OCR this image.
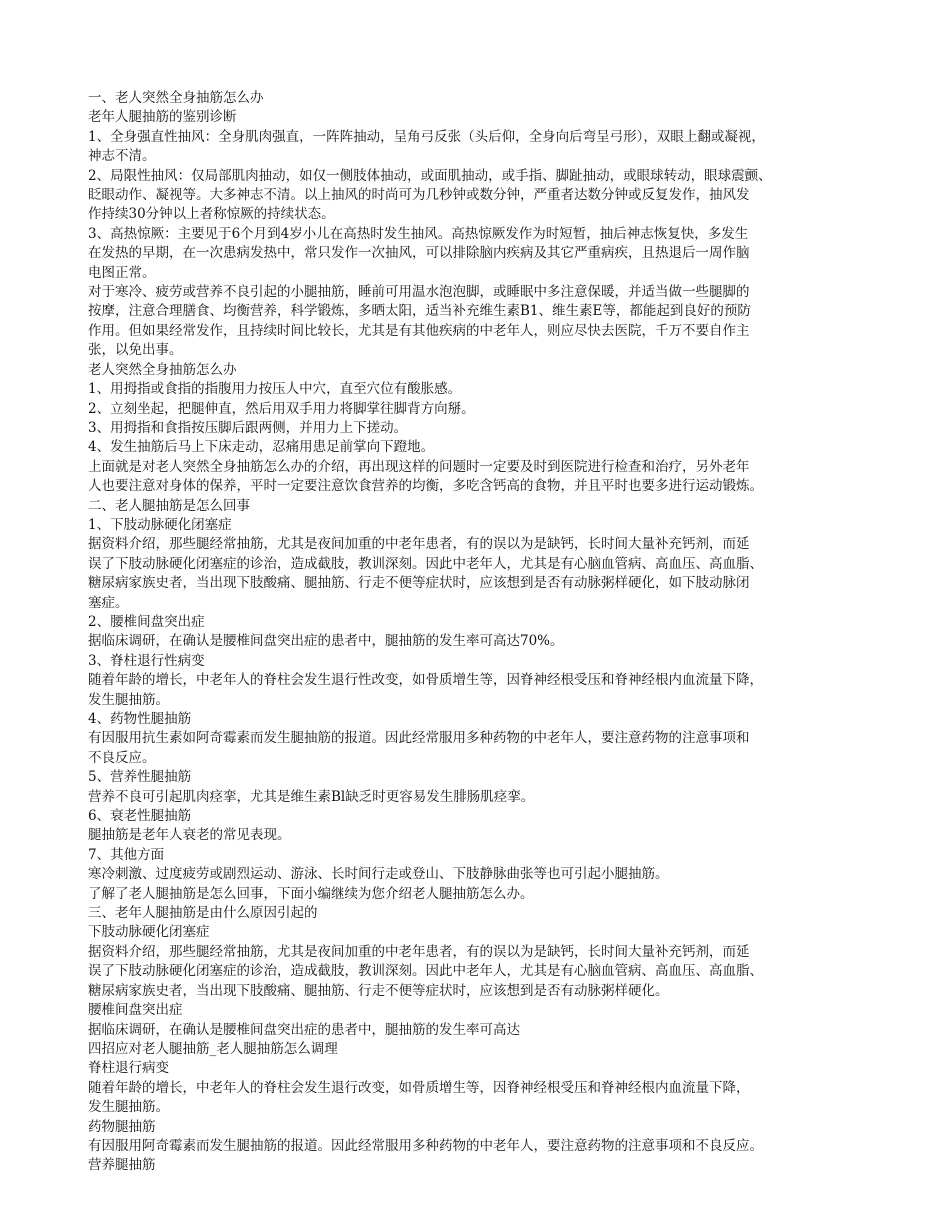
一、老人突然全身抽筋怎么办
老年人腿抽筋的鉴别诊断
1、全身强直性抽风：全身肌肉强直，一阵阵抽动，呈角弓反张（头后仰，全身向后弯呈弓形），双眼上翻或凝视，
神志不清。
2、局限性抽风：仅局部肌肉抽动，如仅一侧肢体抽动，或面肌抽动，或手指、脚趾抽动，或眼球转动，眼球震颤、
眨眼动作、凝视等。大多神志不清。以上抽风的时尚可为几秒钟或数分钟，严重者达数分钟或反复发作，抽风发
作持续30分钟以上者称惊厥的持续状态。
3、高热惊厥：主要见于6个月到4岁小儿在高热时发生抽风。高热惊厥发作为时短暂，抽后神志恢复快，多发生
在发热的早期，在一次患病发热中，常只发作一次抽风，可以排除脑内疾病及其它严重病疾，且热退后一周作脑
电图正常。
对于寒冷、疲劳或营养不良引起的小腿抽筋，睡前可用温水泡泡脚，或睡眠中多注意保暖，并适当做一些腿脚的
按摩，注意合理膳食、均衡营养，科学锻炼，多晒太阳，适当补充维生素B1、维生素E等，都能起到良好的预防
作用。但如果经常发作，且持续时间比较长，尤其是有其他疾病的中老年人，则应尽快去医院，千万不要自作主
张，以免出事。
老人突然全身抽筋怎么办
1、用拇指或食指的指腹用力按压人中穴，直至穴位有酸胀感。
2、立刻坐起，把腿伸直，然后用双手用力将脚掌往脚背方向掰。
3、用拇指和食指按压脚后跟两侧，并用力上下搓动。
4、发生抽筋后马上下床走动，忍痛用患足前掌向下蹬地。
上面就是对老人突然全身抽筋怎么办的介绍，再出现这样的问题时一定要及时到医院进行检查和治疗，另外老年
人也要注意对身体的保养，平时一定要注意饮食营养的均衡，多吃含钙高的食物，并且平时也要多进行运动锻炼。
二、老人腿抽筋是怎么回事
1、下肢动脉硬化闭塞症
据资料介绍，那些腿经常抽筋，尤其是夜间加重的中老年患者，有的误以为是缺钙，长时间大量补充钙剂，而延
误了下肢动脉硬化闭塞症的诊治，造成截肢，教训深刻。因此中老年人，尤其是有心脑血管病、高血压、高血脂、
糖尿病家族史者，当出现下肢酸痛、腿抽筋、行走不便等症状时，应该想到是否有动脉粥样硬化，如下肢动脉闭
塞症。
2、腰椎间盘突出症
据临床调研，在确认是腰椎间盘突出症的患者中，腿抽筋的发生率可高达70%。
3、脊柱退行性病变
随着年龄的增长，中老年人的脊柱会发生退行性改变，如骨质增生等，因脊神经根受压和脊神经根内血流量下降，
发生腿抽筋。
4、药物性腿抽筋
有因服用抗生素如阿奇霉素而发生腿抽筋的报道。因此经常服用多种药物的中老年人，要注意药物的注意事项和
不良反应。
5、营养性腿抽筋
营养不良可引起肌肉痉挛，尤其是维生素Bl缺乏时更容易发生腓肠肌痉挛。
6、衰老性腿抽筋
腿抽筋是老年人衰老的常见表现。
7、其他方面
寒冷刺激、过度疲劳或剧烈运动、游泳、长时间行走或登山、下肢静脉曲张等也可引起小腿抽筋。
了解了老人腿抽筋是怎么回事，下面小编继续为您介绍老人腿抽筋怎么办。
三、老年人腿抽筋是由什么原因引起的
下肢动脉硬化闭塞症
据资料介绍，那些腿经常抽筋，尤其是夜间加重的中老年患者，有的误以为是缺钙，长时间大量补充钙剂，而延
误了下肢动脉硬化闭塞症的诊治，造成截肢，教训深刻。因此中老年人，尤其是有心脑血管病、高血压、高血脂、
糖尿病家族史者，当出现下肢酸痛、腿抽筋、行走不便等症状时，应该想到是否有动脉粥样硬化。
腰椎间盘突出症
据临床调研，在确认是腰椎间盘突出症的患者中，腿抽筋的发生率可高达
四招应对老人腿抽筋_老人腿抽筋怎么调理
脊柱退行病变
随着年龄的增长，中老年人的脊柱会发生退行改变，如骨质增生等，因脊神经根受压和脊神经根内血流量下降，
发生腿抽筋。
药物腿抽筋
有因服用阿奇霉素而发生腿抽筋的报道。因此经常服用多种药物的中老年人，要注意药物的注意事项和不良反应。
营养腿抽筋
